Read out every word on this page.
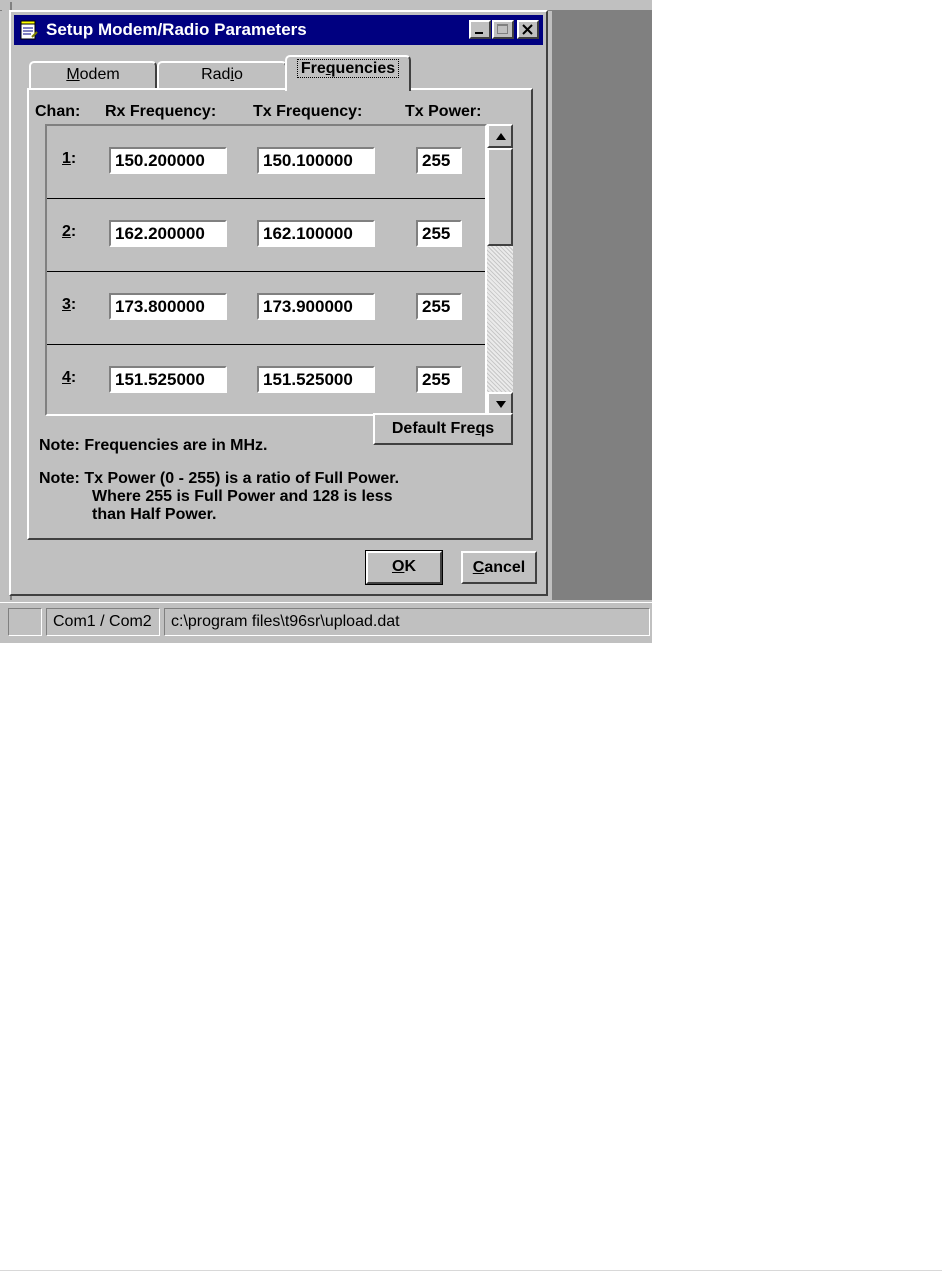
Setup Modem/Radio Parameters
Modem	Radio	Frequencies
Chan: Rx Frequency: Tx Frequency:	Tx Power:
1:	150.200000	150.100000	255
2:	162.200000	162.100000	255
3:	173.800000	173.900000	255
4:	151.525000	151.525000	255
Note: Frequencies are in MHz.
Default Freqs
Note: Tx Power (0 - 255) is a ratio of Full Power.
Where 255 is Full Power and 128 is less
than Half Power.
OK	Cancel
Com1 / Com2	c:\program files\t96sr\upload.dat
